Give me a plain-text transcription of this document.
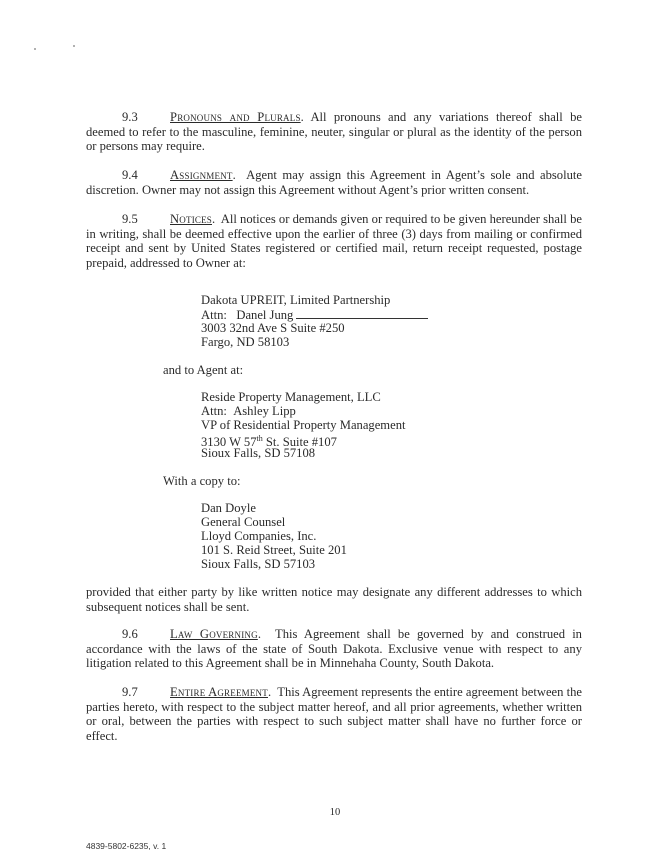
9.3	Pronouns and Plurals. All pronouns and any variations thereof shall be deemed to refer to the masculine, feminine, neuter, singular or plural as the identity of the person or persons may require.

9.4	Assignment.  Agent may assign this Agreement in Agent’s sole and absolute discretion. Owner may not assign this Agreement without Agent’s prior written consent.

9.5	Notices.  All notices or demands given or required to be given hereunder shall be in writing, shall be deemed effective upon the earlier of three (3) days from mailing or confirmed receipt and sent by United States registered or certified mail, return receipt requested, postage prepaid, addressed to Owner at:

Dakota UPREIT, Limited Partnership
Attn: Danel Jung
3003 32nd Ave S Suite #250
Fargo, ND 58103
and to Agent at:
Reside Property Management, LLC
Attn: Ashley Lipp
VP of Residential Property Management
3130 W 57th St. Suite #107
Sioux Falls, SD 57108
With a copy to:
Dan Doyle
General Counsel
Lloyd Companies, Inc.
101 S. Reid Street, Suite 201
Sioux Falls, SD 57103

provided that either party by like written notice may designate any different addresses to which subsequent notices shall be sent.

9.6	Law Governing.  This Agreement shall be governed by and construed in accordance with the laws of the state of South Dakota. Exclusive venue with respect to any litigation related to this Agreement shall be in Minnehaha County, South Dakota.

9.7	Entire Agreement.  This Agreement represents the entire agreement between the parties hereto, with respect to the subject matter hereof, and all prior agreements, whether written or oral, between the parties with respect to such subject matter shall have no further force or effect.

10
4839-5802-6235, v. 1
